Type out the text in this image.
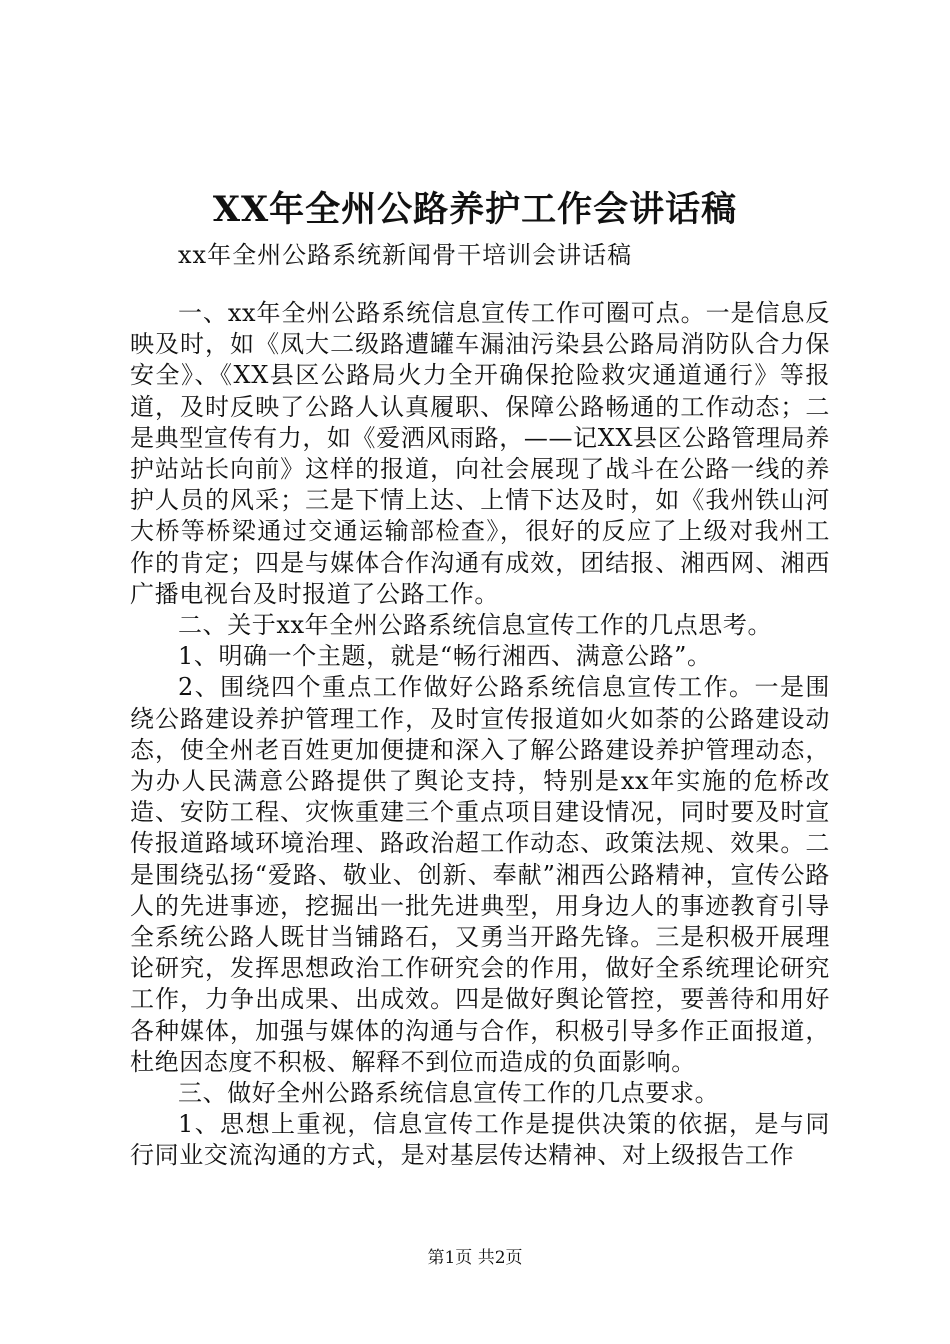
XX年全州公路养护工作会讲话稿
xx年全州公路系统新闻骨干培训会讲话稿

一、xx年全州公路系统信息宣传工作可圈可点。一是信息反映及时，如《凤大二级路遭罐车漏油污染县公路局消防队合力保安全》、《XX县区公路局火力全开确保抢险救灾通道通行》等报道，及时反映了公路人认真履职、保障公路畅通的工作动态；二是典型宣传有力，如《爱洒风雨路，——记XX县区公路管理局养护站站长向前》这样的报道，向社会展现了战斗在公路一线的养护人员的风采；三是下情上达、上情下达及时，如《我州铁山河大桥等桥梁通过交通运输部检查》，很好的反应了上级对我州工作的肯定；四是与媒体合作沟通有成效，团结报、湘西网、湘西广播电视台及时报道了公路工作。

二、关于xx年全州公路系统信息宣传工作的几点思考。

1、明确一个主题，就是“畅行湘西、满意公路”。

2、围绕四个重点工作做好公路系统信息宣传工作。一是围绕公路建设养护管理工作，及时宣传报道如火如荼的公路建设动态，使全州老百姓更加便捷和深入了解公路建设养护管理动态，为办人民满意公路提供了舆论支持，特别是xx年实施的危桥改造、安防工程、灾恢重建三个重点项目建设情况，同时要及时宣传报道路域环境治理、路政治超工作动态、政策法规、效果。二是围绕弘扬“爱路、敬业、创新、奉献”湘西公路精神，宣传公路人的先进事迹，挖掘出一批先进典型，用身边人的事迹教育引导全系统公路人既甘当铺路石，又勇当开路先锋。三是积极开展理论研究，发挥思想政治工作研究会的作用，做好全系统理论研究工作，力争出成果、出成效。四是做好舆论管控，要善待和用好各种媒体，加强与媒体的沟通与合作，积极引导多作正面报道，杜绝因态度不积极、解释不到位而造成的负面影响。

三、做好全州公路系统信息宣传工作的几点要求。

1、思想上重视，信息宣传工作是提供决策的依据，是与同行同业交流沟通的方式，是对基层传达精神、对上级报告工作

第1页 共2页
